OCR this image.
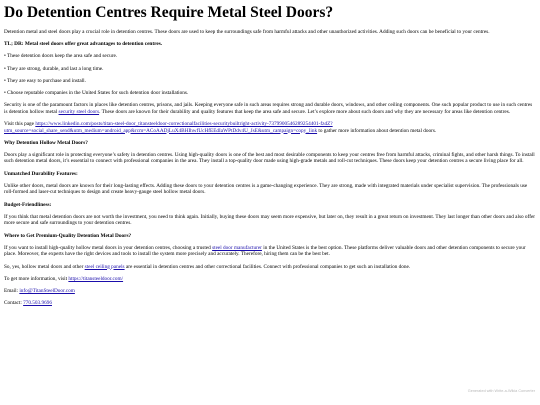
Do Detention Centres Require Metal Steel Doors?

Detention metal and steel doors play a crucial role in detention centres. These doors are used to keep the surroundings safe from harmful attacks and other unauthorized activities. Adding such doors can be beneficial to your centres.

TL; DR: Metal steel doors offer great advantages to detention centres.

• These detention doors keep the area safe and secure.

• They are strong, durable, and last a long time.

• They are easy to purchase and install.

• Choose reputable companies in the United States for such detention door installations.

Security is one of the paramount factors in places like detention centres, prisons, and jails. Keeping everyone safe in such areas requires strong and durable doors, windows, and other ceiling components. One such popular product to use in such centres is detention hollow metal security steel doors. These doors are known for their durability and quality features that keep the area safe and secure. Let’s explore more about such doors and why they are necessary for areas like detention centres.

Visit this page https://www.linkedin.com/posts/titan-steel-door_titansteeldoor-correctionalfacilities-securitybuiltright-activity-7379900546289254401-fzdZ?utm_source=social_share_send&utm_medium=android_app&rcm=ACoAADjLuX4BHIhwfUcHfEEdIaWPtDdv4U_JsE&utm_campaign=copy_link to gather more information about detention metal doors.

Why Detention Hollow Metal Doors?

Doors play a significant role in protecting everyone’s safety in detention centres. Using high-quality doors is one of the best and most desirable components to keep your centres free from harmful attacks, criminal fights, and other harsh things. To install such detention metal doors, it’s essential to connect with professional companies in the area. They install a top-quality door made using high-grade metals and roll-cut techniques. These doors keep your detention centres a secure living place for all.

Unmatched Durability Features:

Unlike other doors, metal doors are known for their long-lasting effects. Adding these doors to your detention centres is a game-changing experience. They are strong, made with integrated materials under specialist supervision. The professionals use roll-formed and laser-cut techniques to design and create heavy-gauge steel hollow metal doors.

Budget-Friendliness:

If you think that metal detention doors are not worth the investment, you need to think again. Initially, buying these doors may seem more expensive, but later on, they result in a great return on investment. They last longer than other doors and also offer more secure and safe surroundings to your detention centres.

Where to Get Premium-Quality Detention Metal Doors?

If you want to install high-quality hollow metal doors in your detention centres, choosing a trusted steel door manufacturer in the United States is the best option. These platforms deliver valuable doors and other detention components to secure your place. Moreover, the experts have the right devices and tools to install the system more precisely and accurately. Therefore, hiring them can be the best bet.

So, yes, hollow metal doors and other steel ceiling panels are essential in detention centres and other correctional facilities. Connect with professional companies to get such an installation done.

To get more information, visit https://titansteeldoor.com/

Email: info@TitanSteelDoor.com

Contact: 770.503.9696

Generated with Write-a-Wikia Converter
